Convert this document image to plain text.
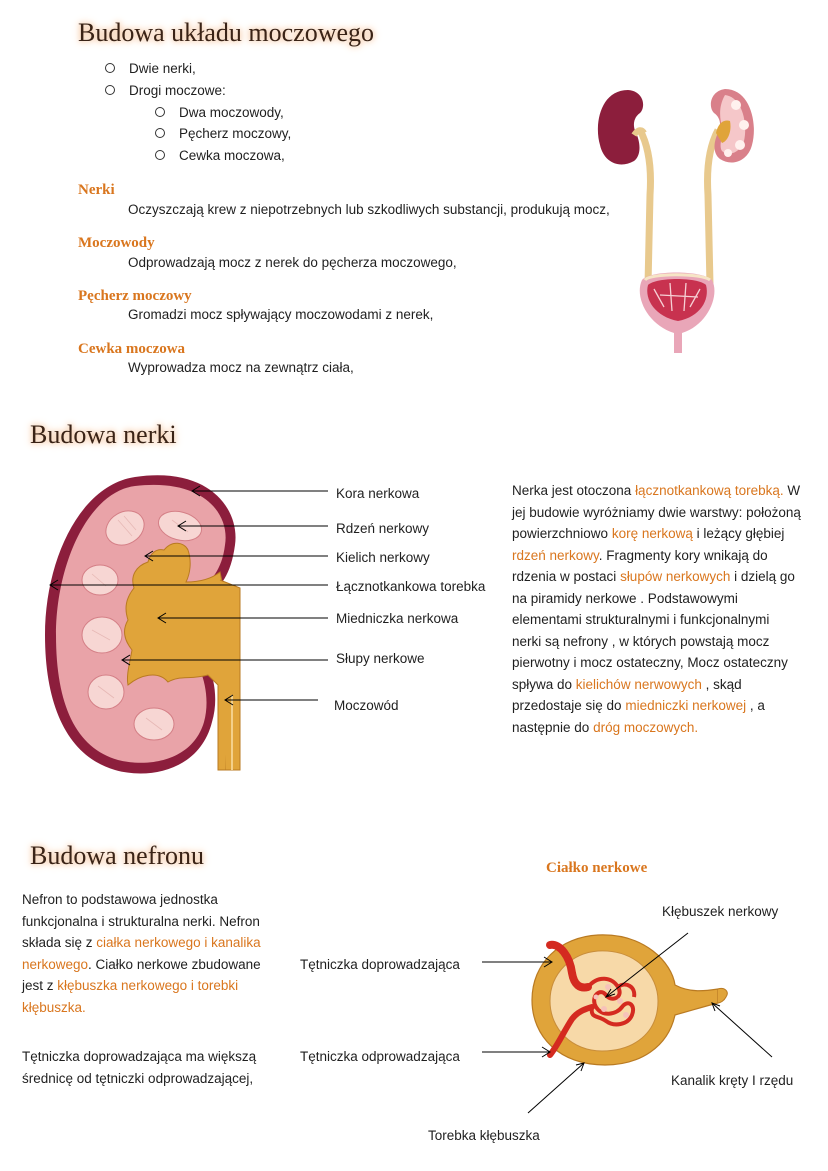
Budowa układu moczowego
Dwie nerki,
Drogi moczowe:
Dwa moczowody,
Pęcherz moczowy,
Cewka moczowa,
Nerki
Oczyszczają krew z niepotrzebnych lub szkodliwych substancji, produkują mocz,
Moczowody
Odprowadzają mocz z nerek do pęcherza moczowego,
Pęcherz moczowy
Gromadzi mocz spływający moczowodami z nerek,
Cewka moczowa
Wyprowadza mocz na zewnątrz ciała,
Budowa nerki
Kora nerkowa
Rdzeń nerkowy
Kielich nerkowy
Łącznotkankowa torebka
Miedniczka nerkowa
Słupy nerkowe
Moczowód
Nerka jest otoczona łącznotkankową torebką. W jej budowie wyróżniamy dwie warstwy: położoną powierzchniowo korę nerkową i leżący głębiej rdzeń nerkowy. Fragmenty kory wnikają do rdzenia w postaci słupów nerkowych i dzielą go na piramidy nerkowe . Podstawowymi elementami strukturalnymi i funkcjonalnymi nerki są nefrony , w których powstają mocz pierwotny i mocz ostateczny, Mocz ostateczny spływa do kielichów nerwowych , skąd przedostaje się do miedniczki nerkowej , a następnie do dróg moczowych.
Budowa nefronu
Nefron to podstawowa jednostka funkcjonalna i strukturalna nerki. Nefron składa się z ciałka nerkowego i kanalika nerkowego. Ciałko nerkowe zbudowane jest z kłębuszka nerkowego i torebki kłębuszka.
Tętniczka doprowadzająca ma większą średnicę od tętniczki odprowadzającej,
Ciałko nerkowe
Kłębuszek nerkowy
Tętniczka doprowadzająca
Tętniczka odprowadzająca
Kanalik kręty I rzędu
Torebka kłębuszka
